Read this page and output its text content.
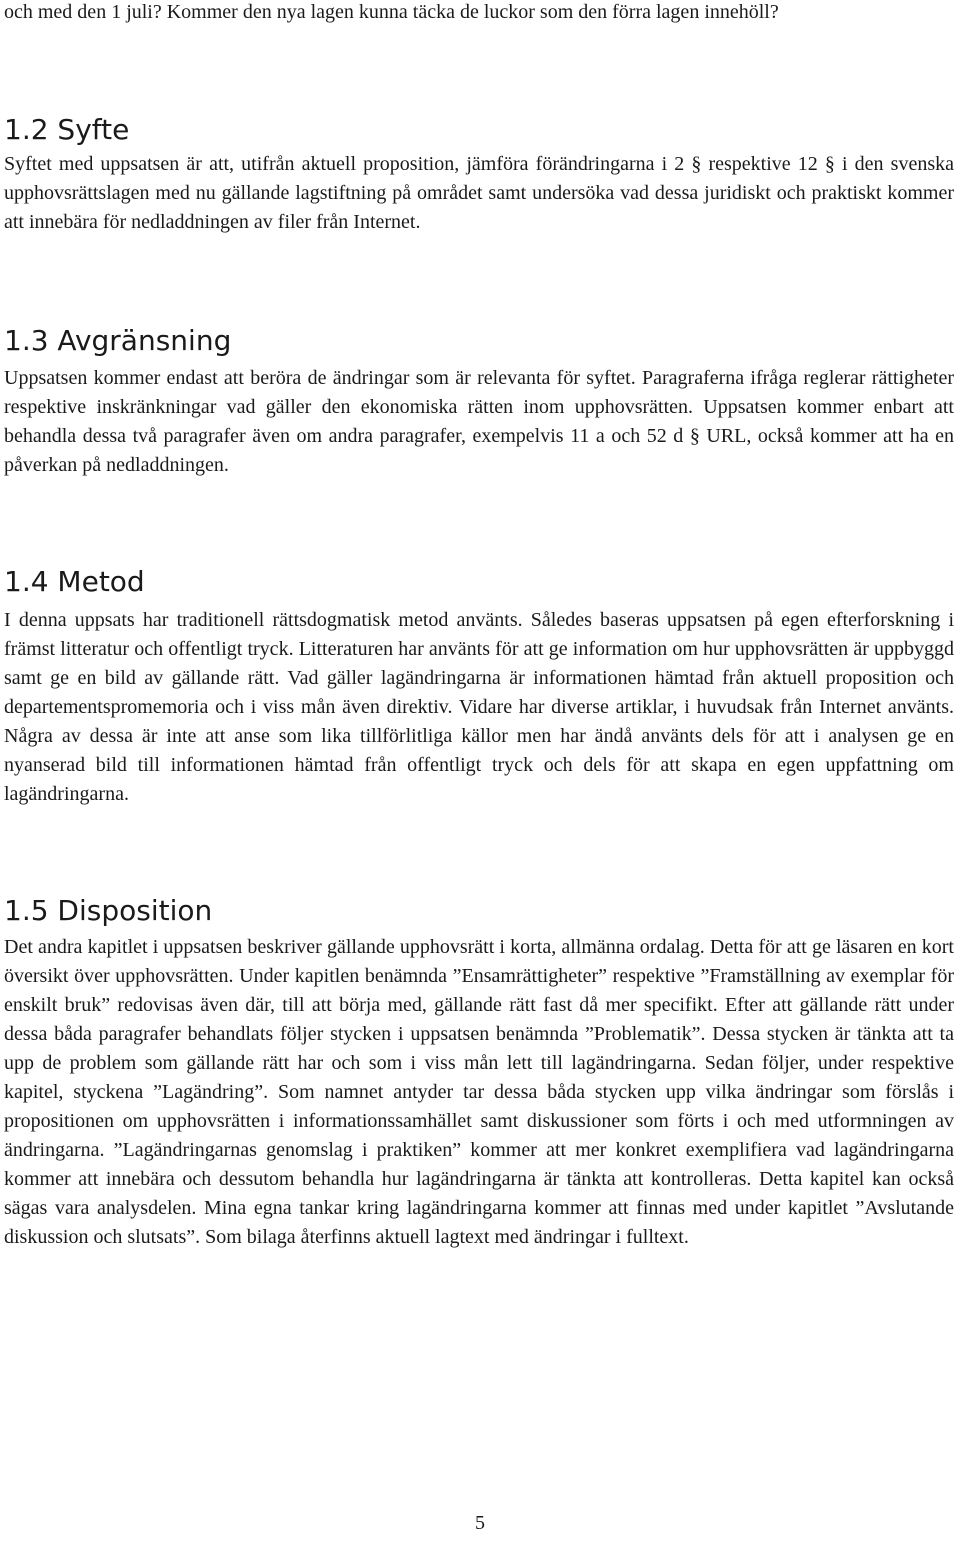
och med den 1 juli? Kommer den nya lagen kunna täcka de luckor som den förra lagen innehöll?

1.2 Syfte

Syftet med uppsatsen är att, utifrån aktuell proposition, jämföra förändringarna i 2 § respektive 12 § i den svenska upphovsrättslagen med nu gällande lagstiftning på området samt undersöka vad dessa juridiskt och praktiskt kommer att innebära för nedladdningen av filer från Internet.

1.3 Avgränsning

Uppsatsen kommer endast att beröra de ändringar som är relevanta för syftet. Paragraferna ifråga reglerar rättigheter respektive inskränkningar vad gäller den ekonomiska rätten inom upphovsrätten. Uppsatsen kommer enbart att behandla dessa två paragrafer även om andra paragrafer, exempelvis 11 a och 52 d § URL, också kommer att ha en påverkan på nedladdningen.

1.4 Metod

I denna uppsats har traditionell rättsdogmatisk metod använts. Således baseras uppsatsen på egen efterforskning i främst litteratur och offentligt tryck. Litteraturen har använts för att ge information om hur upphovsrätten är uppbyggd samt ge en bild av gällande rätt. Vad gäller lagändringarna är informationen hämtad från aktuell proposition och departementspromemoria och i viss mån även direktiv. Vidare har diverse artiklar, i huvudsak från Internet använts. Några av dessa är inte att anse som lika tillförlitliga källor men har ändå använts dels för att i analysen ge en nyanserad bild till informationen hämtad från offentligt tryck och dels för att skapa en egen uppfattning om lagändringarna.

1.5 Disposition

Det andra kapitlet i uppsatsen beskriver gällande upphovsrätt i korta, allmänna ordalag. Detta för att ge läsaren en kort översikt över upphovsrätten. Under kapitlen benämnda ”Ensamrättigheter” respektive ”Framställning av exemplar för enskilt bruk” redovisas även där, till att börja med, gällande rätt fast då mer specifikt. Efter att gällande rätt under dessa båda paragrafer behandlats följer stycken i uppsatsen benämnda ”Problematik”. Dessa stycken är tänkta att ta upp de problem som gällande rätt har och som i viss mån lett till lagändringarna. Sedan följer, under respektive kapitel, styckena ”Lagändring”. Som namnet antyder tar dessa båda stycken upp vilka ändringar som förslås i propositionen om upphovsrätten i informationssamhället samt diskussioner som förts i och med utformningen av ändringarna. ”Lagändringarnas genomslag i praktiken” kommer att mer konkret exemplifiera vad lagändringarna kommer att innebära och dessutom behandla hur lagändringarna är tänkta att kontrolleras. Detta kapitel kan också sägas vara analysdelen. Mina egna tankar kring lagändringarna kommer att finnas med under kapitlet ”Avslutande diskussion och slutsats”. Som bilaga återfinns aktuell lagtext med ändringar i fulltext.

5
